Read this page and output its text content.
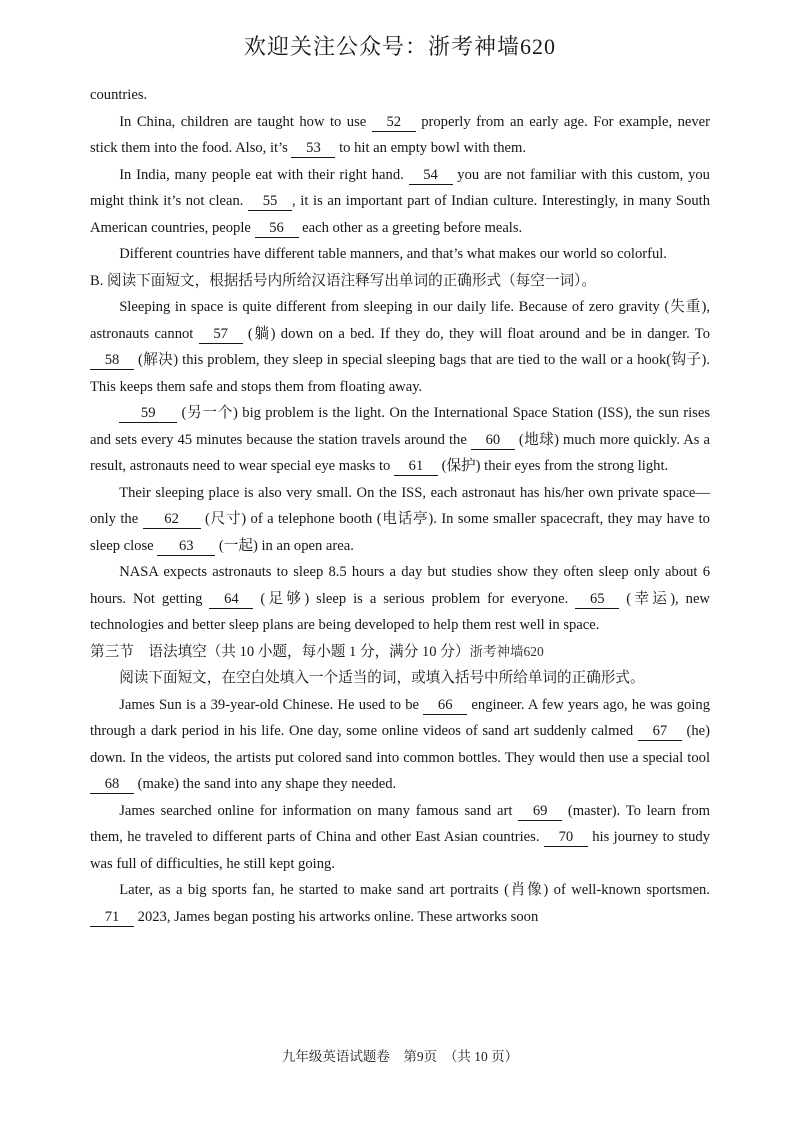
欢迎关注公众号：浙考神墙620

countries.

In China, children are taught how to use 52 properly from an early age. For example, never stick them into the food. Also, it’s 53 to hit an empty bowl with them.

In India, many people eat with their right hand. 54 you are not familiar with this custom, you might think it’s not clean. 55 , it is an important part of Indian culture. Interestingly, in many South American countries, people 56 each other as a greeting before meals.

Different countries have different table manners, and that’s what makes our world so colorful.

B. 阅读下面短文，根据括号内所给汉语注释写出单词的正确形式（每空一词）。

Sleeping in space is quite different from sleeping in our daily life. Because of zero gravity (失重), astronauts cannot 57 (躺) down on a bed. If they do, they will float around and be in danger. To 58 (解决) this problem, they sleep in special sleeping bags that are tied to the wall or a hook(钩子). This keeps them safe and stops them from floating away.

59 (另一个) big problem is the light. On the International Space Station (ISS), the sun rises and sets every 45 minutes because the station travels around the 60 (地球) much more quickly. As a result, astronauts need to wear special eye masks to 61 (保护) their eyes from the strong light.

Their sleeping place is also very small. On the ISS, each astronaut has his/her own private space—only the 62 (尺寸) of a telephone booth (电话亭). In some smaller spacecraft, they may have to sleep close 63 (一起) in an open area.

NASA expects astronauts to sleep 8.5 hours a day but studies show they often sleep only about 6 hours. Not getting 64 (足够) sleep is a serious problem for everyone. 65 (幸运), new technologies and better sleep plans are being developed to help them rest well in space.

第三节　语法填空（共 10 小题，每小题 1 分，满分 10 分）浙考神墙620

阅读下面短文，在空白处填入一个适当的词，或填入括号中所给单词的正确形式。

James Sun is a 39-year-old Chinese. He used to be 66 engineer. A few years ago, he was going through a dark period in his life. One day, some online videos of sand art suddenly calmed 67 (he) down. In the videos, the artists put colored sand into common bottles. They would then use a special tool 68 (make) the sand into any shape they needed.

James searched online for information on many famous sand art 69 (master). To learn from them, he traveled to different parts of China and other East Asian countries. 70 his journey to study was full of difficulties, he still kept going.

Later, as a big sports fan, he started to make sand art portraits (肖像) of well-known sportsmen. 71 2023, James began posting his artworks online. These artworks soon

九年级英语试题卷　第9页　（共 10 页）
